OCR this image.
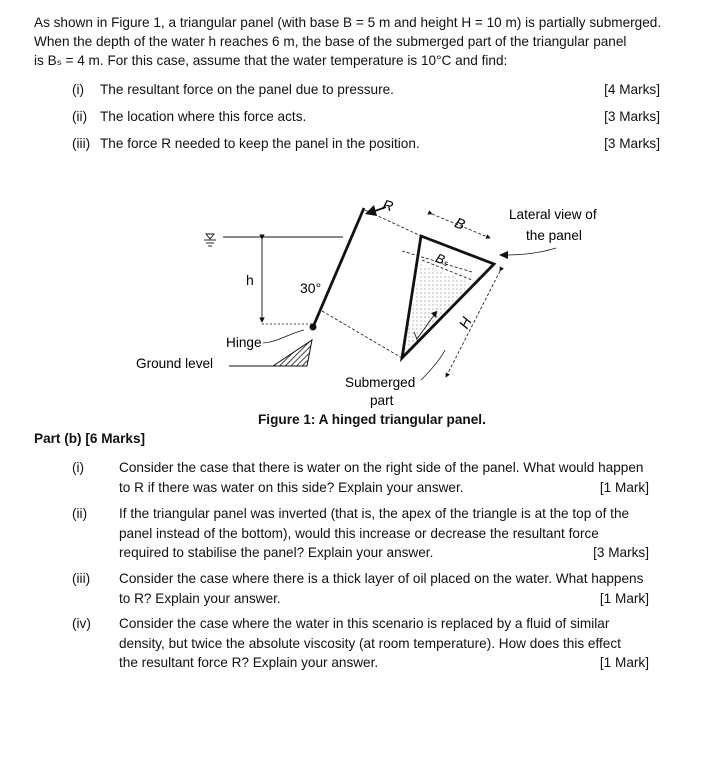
As shown in Figure 1, a triangular panel (with base B = 5 m and height H = 10 m) is partially submerged.
When the depth of the water h reaches 6 m, the base of the submerged part of the triangular panel
is Bₛ = 4 m. For this case, assume that the water temperature is 10°C and find:
(i) The resultant force on the panel due to pressure.	[4 Marks]
(ii) The location where this force acts.	[3 Marks]
(iii) The force R needed to keep the panel in the position.	[3 Marks]
h	30°
R
Hinge
Ground level
B
Bₛ
H
Lateral view of
the panel
Submerged
part
Figure 1: A hinged triangular panel.
Part (b) [6 Marks]
(i)	Consider the case that there is water on the right side of the panel. What would happen
to R if there was water on this side? Explain your answer.	[1 Mark]
(ii) If the triangular panel was inverted (that is, the apex of the triangle is at the top of the
panel instead of the bottom), would this increase or decrease the resultant force
required to stabilise the panel? Explain your answer.	[3 Marks]
(iii) Consider the case where there is a thick layer of oil placed on the water. What happens
to R? Explain your answer.	[1 Mark]
(iv) Consider the case where the water in this scenario is replaced by a fluid of similar
density, but twice the absolute viscosity (at room temperature). How does this effect
the resultant force R? Explain your answer.	[1 Mark]
